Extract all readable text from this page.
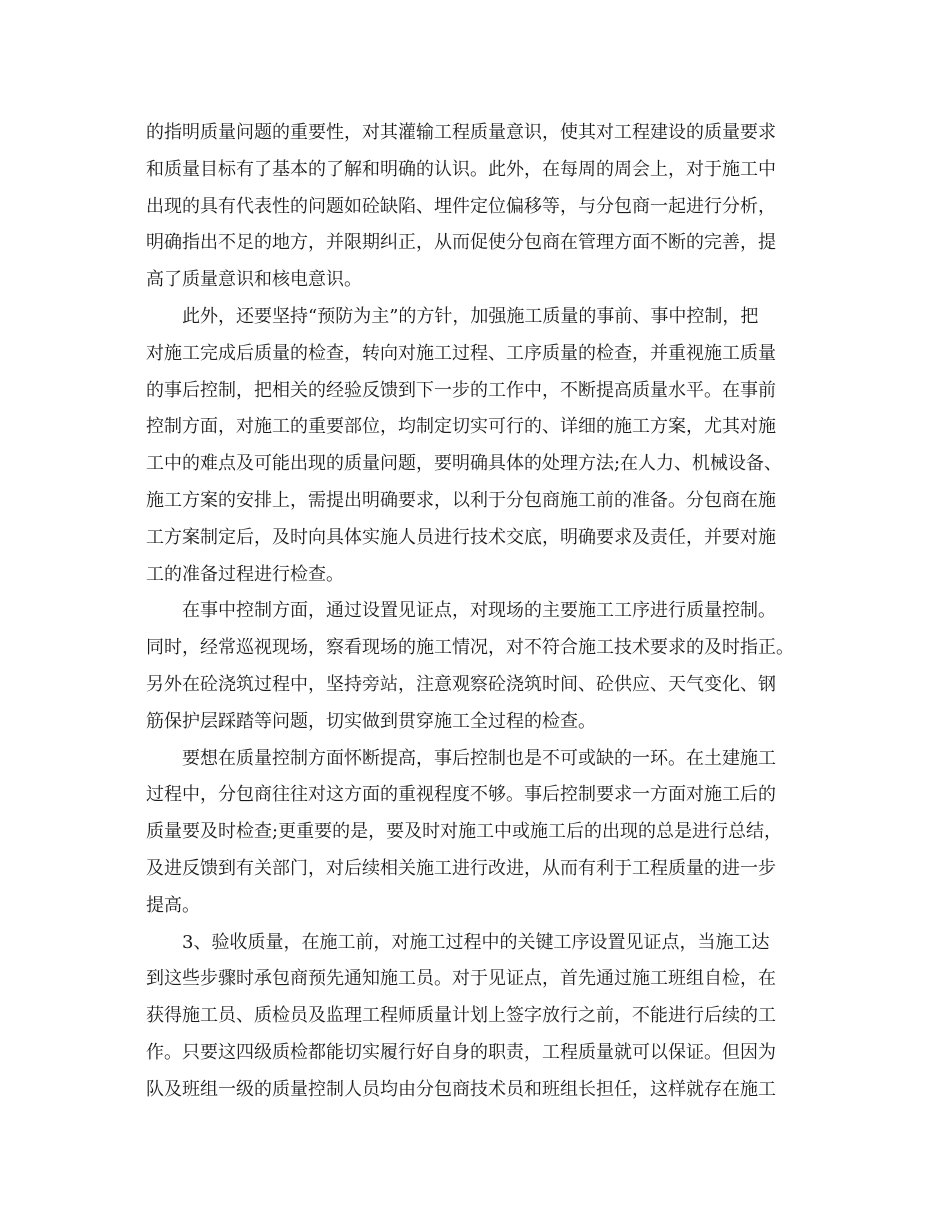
的指明质量问题的重要性，对其灌输工程质量意识，使其对工程建设的质量要求
和质量目标有了基本的了解和明确的认识。此外，在每周的周会上，对于施工中
出现的具有代表性的问题如砼缺陷、埋件定位偏移等，与分包商一起进行分析，
明确指出不足的地方，并限期纠正，从而促使分包商在管理方面不断的完善，提
高了质量意识和核电意识。
此外，还要坚持“预防为主”的方针，加强施工质量的事前、事中控制，把
对施工完成后质量的检查，转向对施工过程、工序质量的检查，并重视施工质量
的事后控制，把相关的经验反馈到下一步的工作中，不断提高质量水平。在事前
控制方面，对施工的重要部位，均制定切实可行的、详细的施工方案，尤其对施
工中的难点及可能出现的质量问题，要明确具体的处理方法;在人力、机械设备、
施工方案的安排上，需提出明确要求，以利于分包商施工前的准备。分包商在施
工方案制定后，及时向具体实施人员进行技术交底，明确要求及责任，并要对施
工的准备过程进行检查。
在事中控制方面，通过设置见证点，对现场的主要施工工序进行质量控制。
同时，经常巡视现场，察看现场的施工情况，对不符合施工技术要求的及时指正。
另外在砼浇筑过程中，坚持旁站，注意观察砼浇筑时间、砼供应、天气变化、钢
筋保护层踩踏等问题，切实做到贯穿施工全过程的检查。
要想在质量控制方面怀断提高，事后控制也是不可或缺的一环。在土建施工
过程中，分包商往往对这方面的重视程度不够。事后控制要求一方面对施工后的
质量要及时检查;更重要的是，要及时对施工中或施工后的出现的总是进行总结，
及进反馈到有关部门，对后续相关施工进行改进，从而有利于工程质量的进一步
提高。
3、验收质量，在施工前，对施工过程中的关键工序设置见证点，当施工达
到这些步骤时承包商预先通知施工员。对于见证点，首先通过施工班组自检，在
获得施工员、质检员及监理工程师质量计划上签字放行之前，不能进行后续的工
作。只要这四级质检都能切实履行好自身的职责，工程质量就可以保证。但因为
队及班组一级的质量控制人员均由分包商技术员和班组长担任，这样就存在施工
